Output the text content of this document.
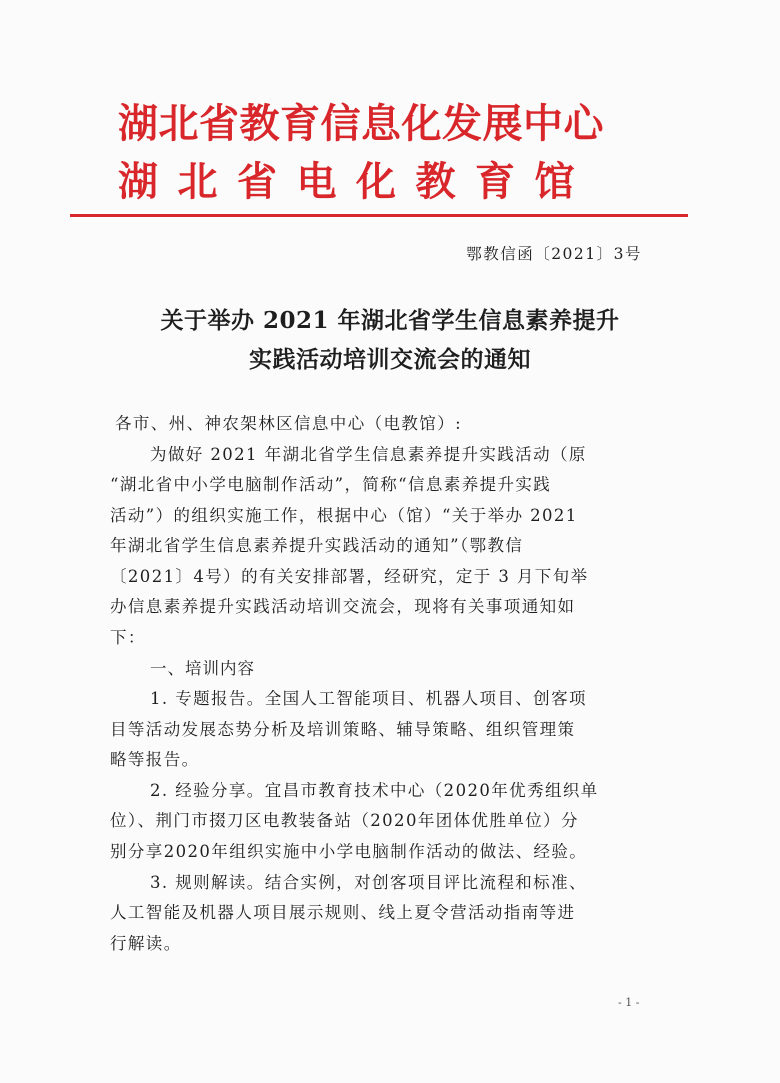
湖北省教育信息化发展中心
湖北省电化教育馆
鄂教信函〔2021〕3号
关于举办 2021 年湖北省学生信息素养提升
实践活动培训交流会的通知
各市、州、神农架林区信息中心（电教馆）:
为做好 2021 年湖北省学生信息素养提升实践活动（原
“湖北省中小学电脑制作活动”，简称“信息素养提升实践
活动”）的组织实施工作，根据中心（馆）“关于举办 2021
年湖北省学生信息素养提升实践活动的通知”（鄂教信
〔2021〕4号）的有关安排部署，经研究，定于 3 月下旬举
办信息素养提升实践活动培训交流会，现将有关事项通知如
下：
一、培训内容
1. 专题报告。全国人工智能项目、机器人项目、创客项
目等活动发展态势分析及培训策略、辅导策略、组织管理策
略等报告。
2. 经验分享。宜昌市教育技术中心（2020年优秀组织单
位）、荆门市掇刀区电教装备站（2020年团体优胜单位）分
别分享2020年组织实施中小学电脑制作活动的做法、经验。
3. 规则解读。结合实例，对创客项目评比流程和标准、
人工智能及机器人项目展示规则、线上夏令营活动指南等进
行解读。
- 1 -
